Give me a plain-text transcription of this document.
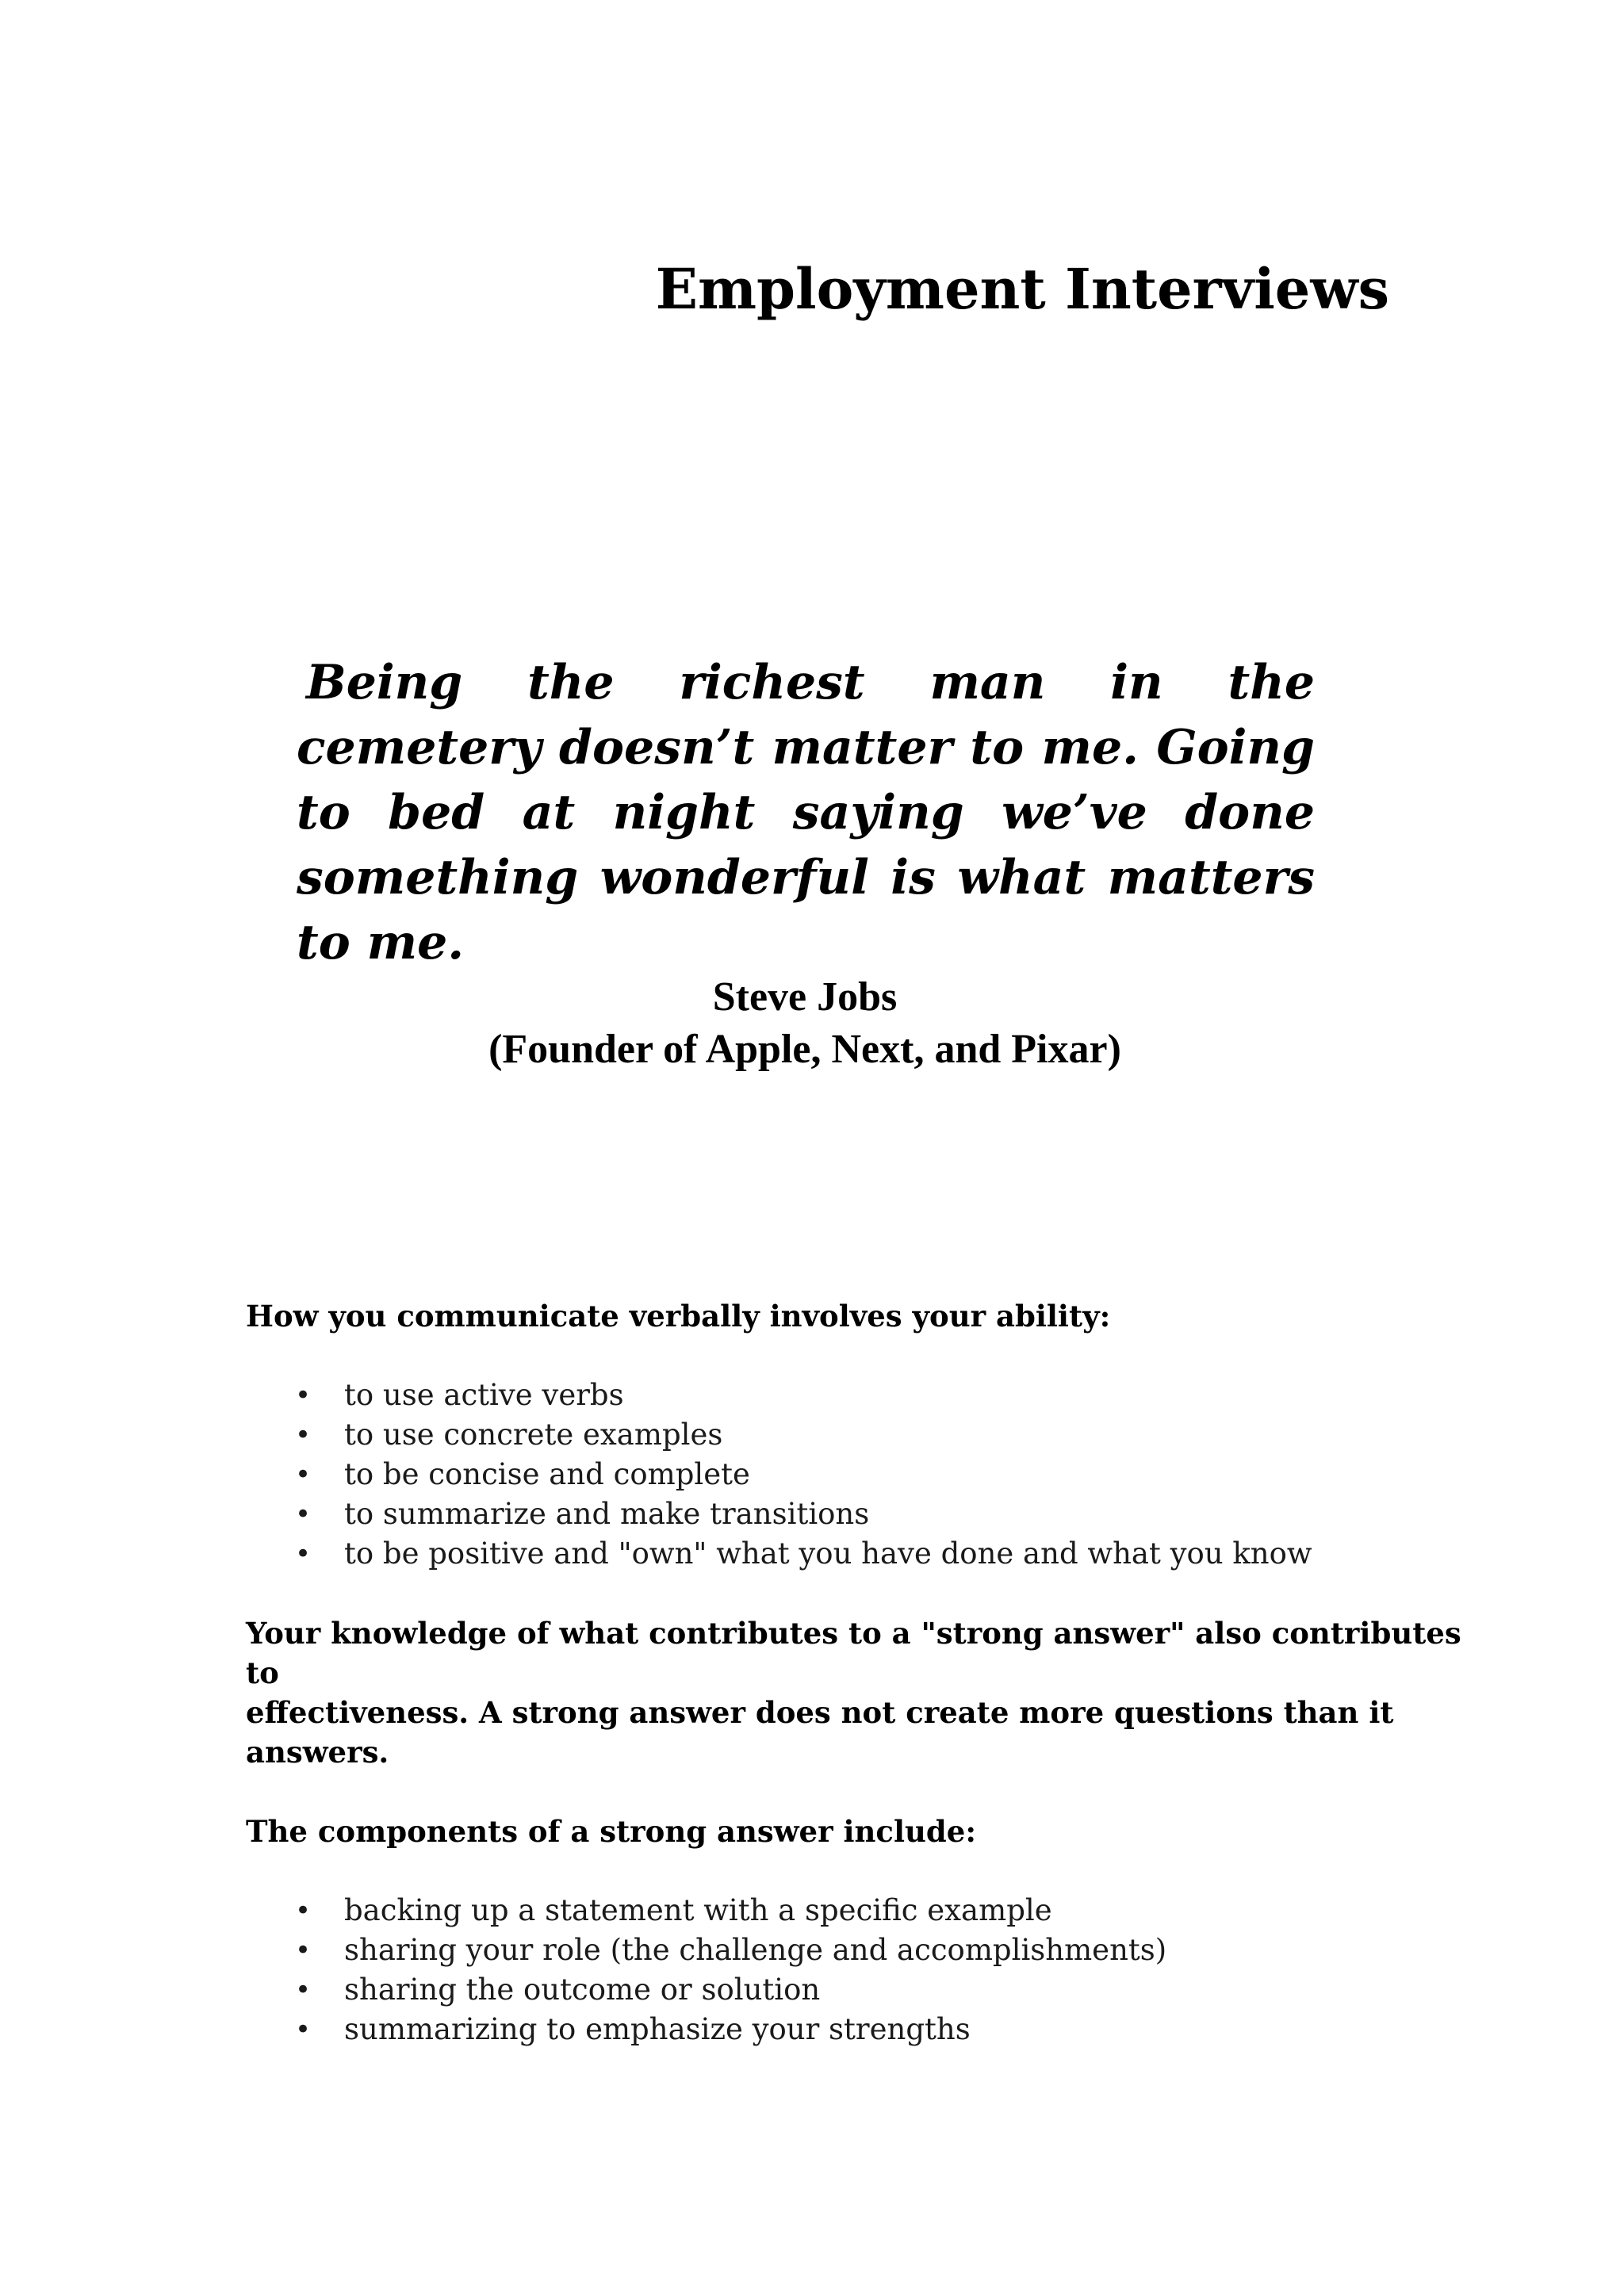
Employment Interviews

Being the richest man in the cemetery doesn’t matter to me. Going to bed at night saying we’ve done something wonderful is what matters to me.

Steve Jobs
(Founder of Apple, Next, and Pixar)

How you communicate verbally involves your ability:

• to use active verbs
• to use concrete examples
• to be concise and complete
• to summarize and make transitions
• to be positive and "own" what you have done and what you know

Your knowledge of what contributes to a "strong answer" also contributes to
effectiveness. A strong answer does not create more questions than it answers.

The components of a strong answer include:

• backing up a statement with a specific example
• sharing your role (the challenge and accomplishments)
• sharing the outcome or solution
• summarizing to emphasize your strengths
